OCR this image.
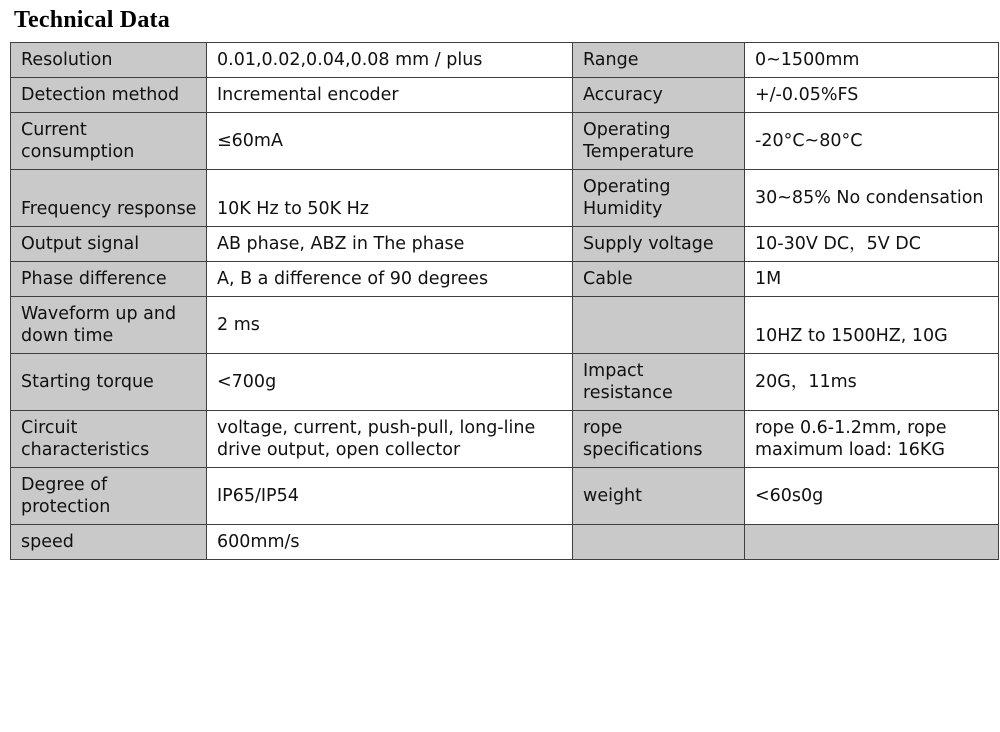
Technical Data
Resolution	0.01,0.02,0.04,0.08 mm / plus	Range	0~1500mm
Detection method	Incremental encoder	Accuracy	+/-0.05%FS
Current consumption	≤60mA	Operating Temperature	-20°C~80°C
Frequency response	10K Hz to 50K Hz	Operating Humidity	30~85% No condensation
Output signal	AB phase, ABZ in The phase	Supply voltage	10-30V DC，5V DC
Phase difference	A, B a difference of 90 degrees	Cable	1M
Waveform up and down time	2 ms		10HZ to 1500HZ, 10G
Starting torque	<700g	Impact resistance	20G，11ms
Circuit characteristics	voltage, current, push-pull, long-line drive output, open collector	rope specifications	rope 0.6-1.2mm, rope maximum load: 16KG
Degree of protection	IP65/IP54	weight	<60s0g
speed	600mm/s		
